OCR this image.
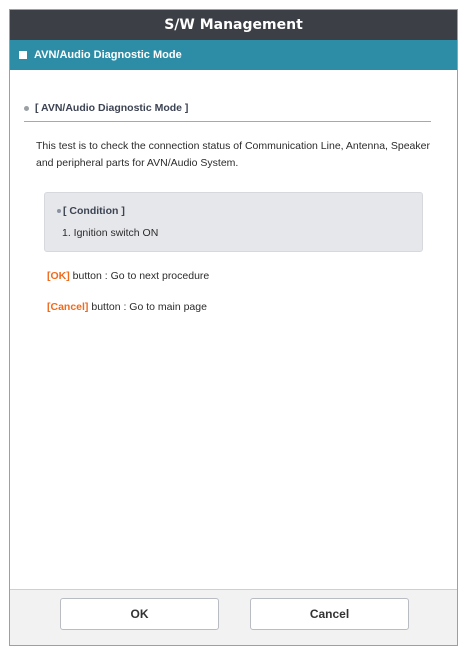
S/W Management
AVN/Audio Diagnostic Mode
[ AVN/Audio Diagnostic Mode ]
This test is to check the connection status of Communication Line, Antenna, Speaker and peripheral parts for AVN/Audio System.
[ Condition ]
1. Ignition switch ON
[OK] button : Go to next procedure
[Cancel] button : Go to main page
OK	Cancel
